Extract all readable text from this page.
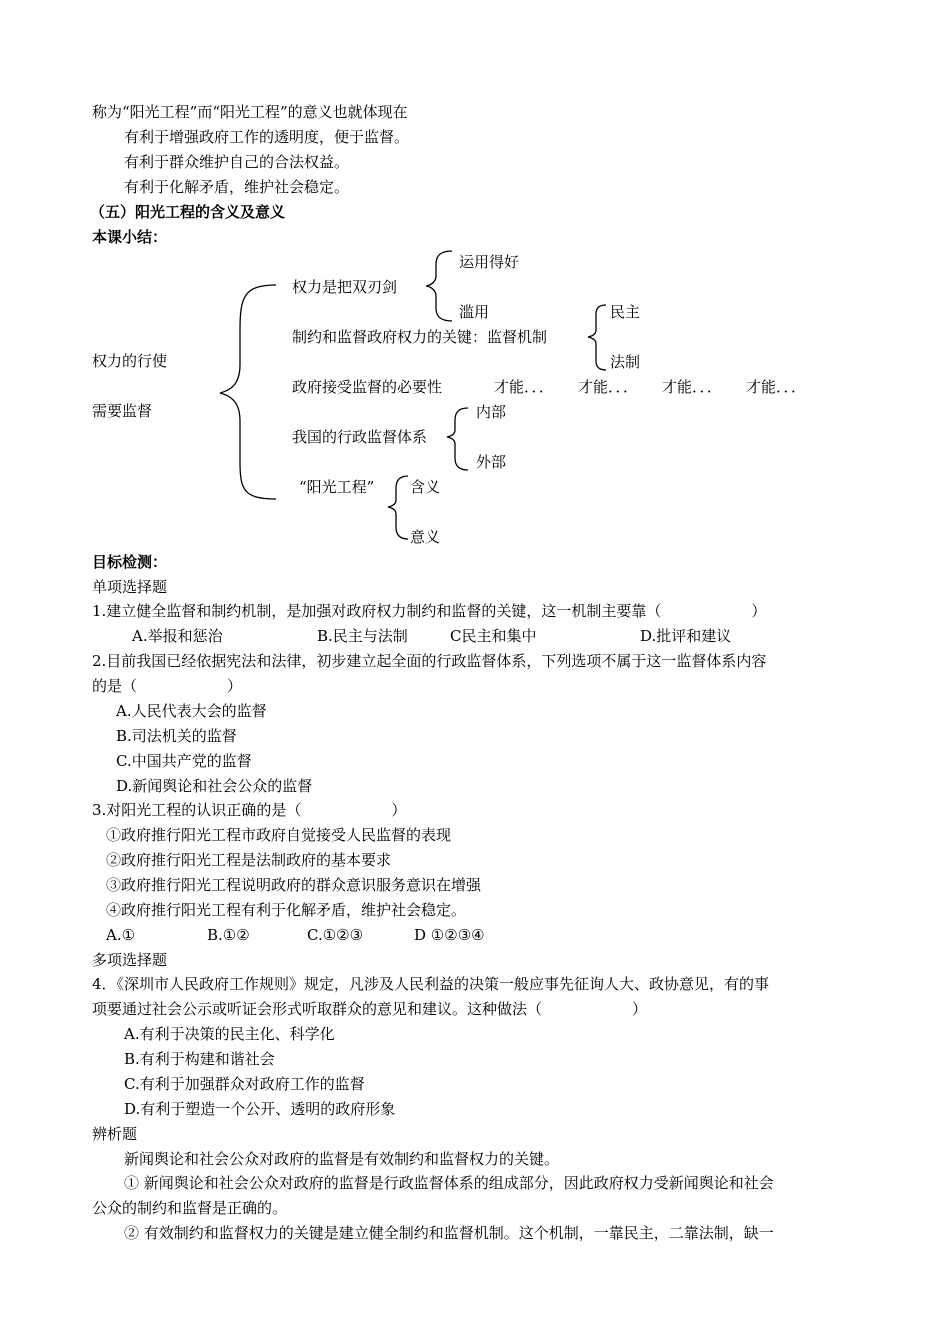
称为“阳光工程”而“阳光工程”的意义也就体现在
有利于增强政府工作的透明度，便于监督。
有利于群众维护自己的合法权益。
有利于化解矛盾，维护社会稳定。
（五）阳光工程的含义及意义
本课小结：
运用得好
权力是把双刃剑
滥用	民主
制约和监督政府权力的关键：监督机制
权力的行使	法制
政府接受监督的必要性	才能．．． 才能．．． 才能．．． 才能．．．
需要监督	内部
我国的行政监督体系
外部
“阳光工程” 含义
意义
目标检测：
单项选择题
1.建立健全监督和制约机制，是加强对政府权力制约和监督的关键，这一机制主要靠（　　　　　　）
A.举报和惩治	B.民主与法制	C民主和集中	D.批评和建议
2.目前我国已经依据宪法和法律，初步建立起全面的行政监督体系，下列选项不属于这一监督体系内容
的是（　　　　　　）
A.人民代表大会的监督
B.司法机关的监督
C.中国共产党的监督
D.新闻舆论和社会公众的监督
3.对阳光工程的认识正确的是（　　　　　　）
①政府推行阳光工程市政府自觉接受人民监督的表现
②政府推行阳光工程是法制政府的基本要求
③政府推行阳光工程说明政府的群众意识服务意识在增强
④政府推行阳光工程有利于化解矛盾，维护社会稳定。
A.①	B.①②	C.①②③	D ①②③④
多项选择题
4．《深圳市人民政府工作规则》规定，凡涉及人民利益的决策一般应事先征询人大、政协意见，有的事
项要通过社会公示或听证会形式听取群众的意见和建议。这种做法（　　　　　　）
A.有利于决策的民主化、科学化
B.有利于构建和谐社会
C.有利于加强群众对政府工作的监督
D.有利于塑造一个公开、透明的政府形象
辨析题
新闻舆论和社会公众对政府的监督是有效制约和监督权力的关键。
① 新闻舆论和社会公众对政府的监督是行政监督体系的组成部分，因此政府权力受新闻舆论和社会
公众的制约和监督是正确的。
② 有效制约和监督权力的关键是建立健全制约和监督机制。这个机制，一靠民主，二靠法制，缺一
